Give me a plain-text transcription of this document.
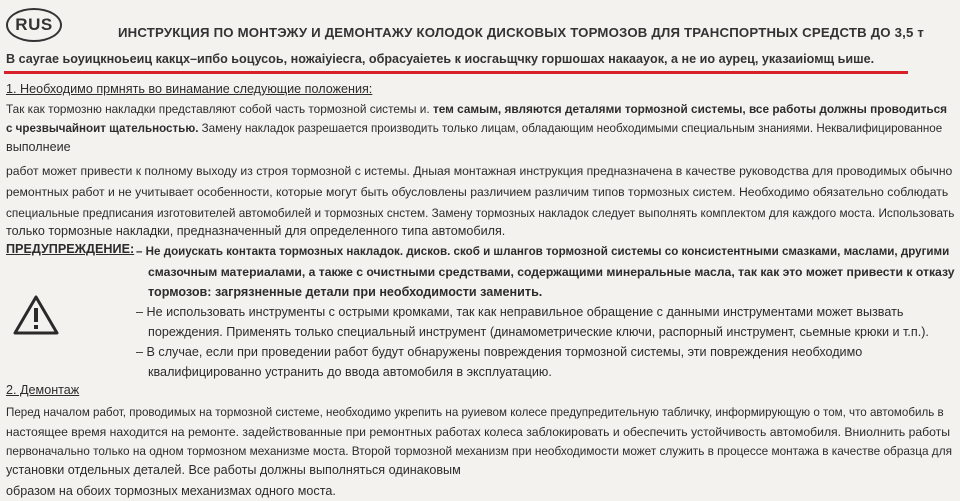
RUS	ИНСТРУКЦИЯ ПО МОНТЭЖУ И ДЕМОНТАЖУ КОЛОДОК ДИСКОВЫХ ТОРМОЗОВ ДЛЯ ТРАНСПОРТНЫХ СРЕДСТВ ДО 3,5 т
В саугае ьоуицкноьеиц какцх–ипбо ьоцусоь, ножаiyiесга, обрасуаiетеь к иосгаьщчку горшошах накааyок, а не ио аурец, указаиiомщ ьише.
1. Необходимо прмнять во винамание следующие положения:
Так как тормозню накладки представляют собой часть тормозной системы и. тем самым, являются деталями тормозной системы, все работы должны проводиться
с чрезвычайноит щательностью. Замену накладок разрешается производить только лицам, обладающим необходимыми специальным знаниями. Неквалифицированное
выполнеие
работ может привести к полному выходу из строя тормозной с истемы. Дныая монтажная инструкция предназначена в качестве руководства для проводимых обычно
ремонтных работ и не учитывает особенности, которые могут быть обусловлены различием различим типов тормозных систем. Необходимо обязательно соблюдать
специальные предписания изготовителей автомобилей и тормозных снстем. Замену тормозных накладок следует выполнять комплектом для каждого моста. Использовать
только тормозные накладки, предназначенный для определенного типа автомобиля.
ПРЕДУПРЕЖДЕНИЕ: – Не доиускать контакта тормозных накладок. дисков. скоб и шлангов тормозной системы со консистентными смазками, маслами, другими
смазочным материалами, а также с очистными средствами, содержащими минеральные масла, так как это может привести к отказу
тормозов: загрязненные детали при необходимости заменить.
– Не использовать инструменты с острыми кромками, так как неправильное обращение с данными инструментами может вызвать
пореждения. Применять только специальный инструмент (динамометрические ключи, распорный инструмент, сьемные крюки и т.п.).
– В случае, если при проведении работ будут обнаружены повреждения тормозной системы, эти повреждения необходимо
квалифицированно устранить до ввода автомобиля в эксплуатацию.
2. Демонтаж
Перед началом работ, проводимых на тормозной системе, необходимо укрепить на руиевом колесе предупредительную табличку, информирующую о том, что автомобиль в
настоящее время находится на ремонте. задействованные при ремонтных работах колеса заблокировать и обеспечить устойчивость автомобиля. Вниолнить работы
первоначально только на одном тормозном механизме моста. Второй тормозной механизм при необходимости может служить в процессе монтажа в качестве образца для
установки отдельных деталей. Все работы должны выполняться одинаковым
образом на обоих тормозных механизмах одного моста.
